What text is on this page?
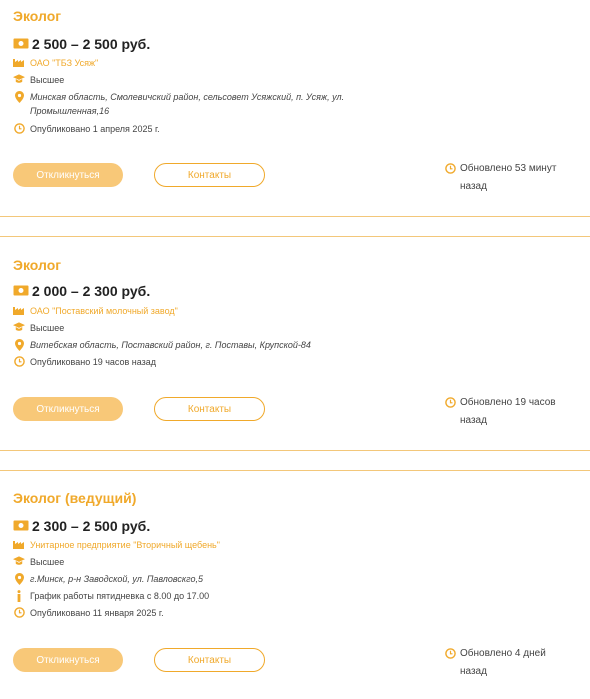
Эколог
2 500 – 2 500 руб.
ОАО "ТБЗ Усяж"
Высшее
Минская область, Смолевичский район, сельсовет Усяжский, п. Усяж, ул. Промышленная,16
Опубликовано 1 апреля 2025 г.
Откликнуться	Контакты
Обновлено 53 минут назад
Эколог
2 000 – 2 300 руб.
ОАО "Поставский молочный завод"
Высшее
Витебская область, Поставский район, г. Поставы, Крупской-84
Опубликовано 19 часов назад
Откликнуться	Контакты
Обновлено 19 часов назад
Эколог (ведущий)
2 300 – 2 500 руб.
Унитарное предприятие "Вторичный щебень"
Высшее
г.Минск, р-н Заводской, ул. Павловскго,5
График работы пятидневка с 8.00 до 17.00
Опубликовано 11 января 2025 г.
Откликнуться	Контакты
Обновлено 4 дней назад
